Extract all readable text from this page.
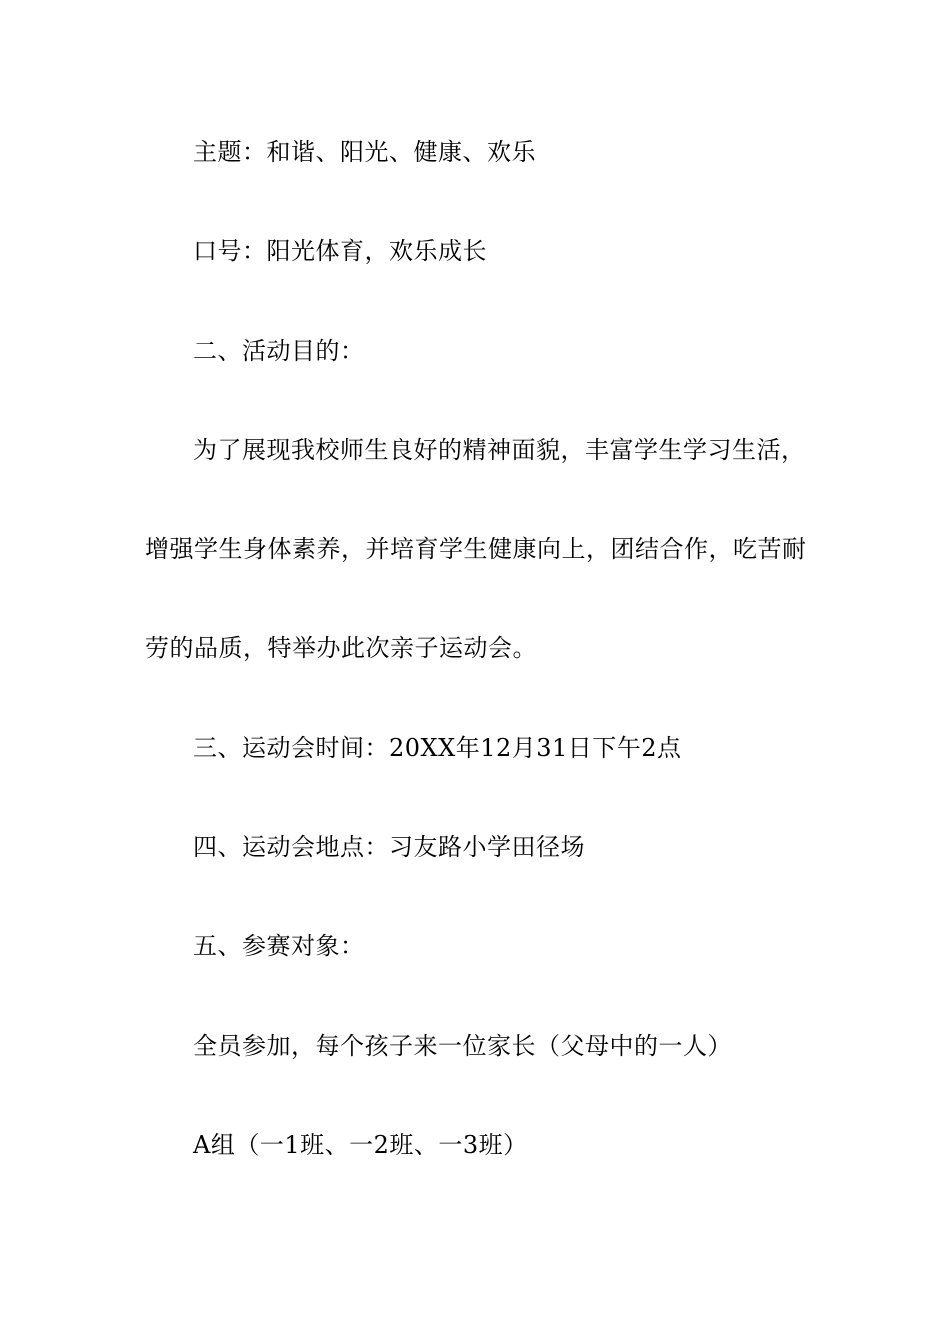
主题：和谐、阳光、健康、欢乐
口号：阳光体育，欢乐成长
二、活动目的：
为了展现我校师生良好的精神面貌，丰富学生学习生活，
增强学生身体素养，并培育学生健康向上，团结合作，吃苦耐
劳的品质，特举办此次亲子运动会。
三、运动会时间：20XX年12月31日下午2点
四、运动会地点：习友路小学田径场
五、参赛对象：
全员参加，每个孩子来一位家长（父母中的一人）
A组（一1班、一2班、一3班）
